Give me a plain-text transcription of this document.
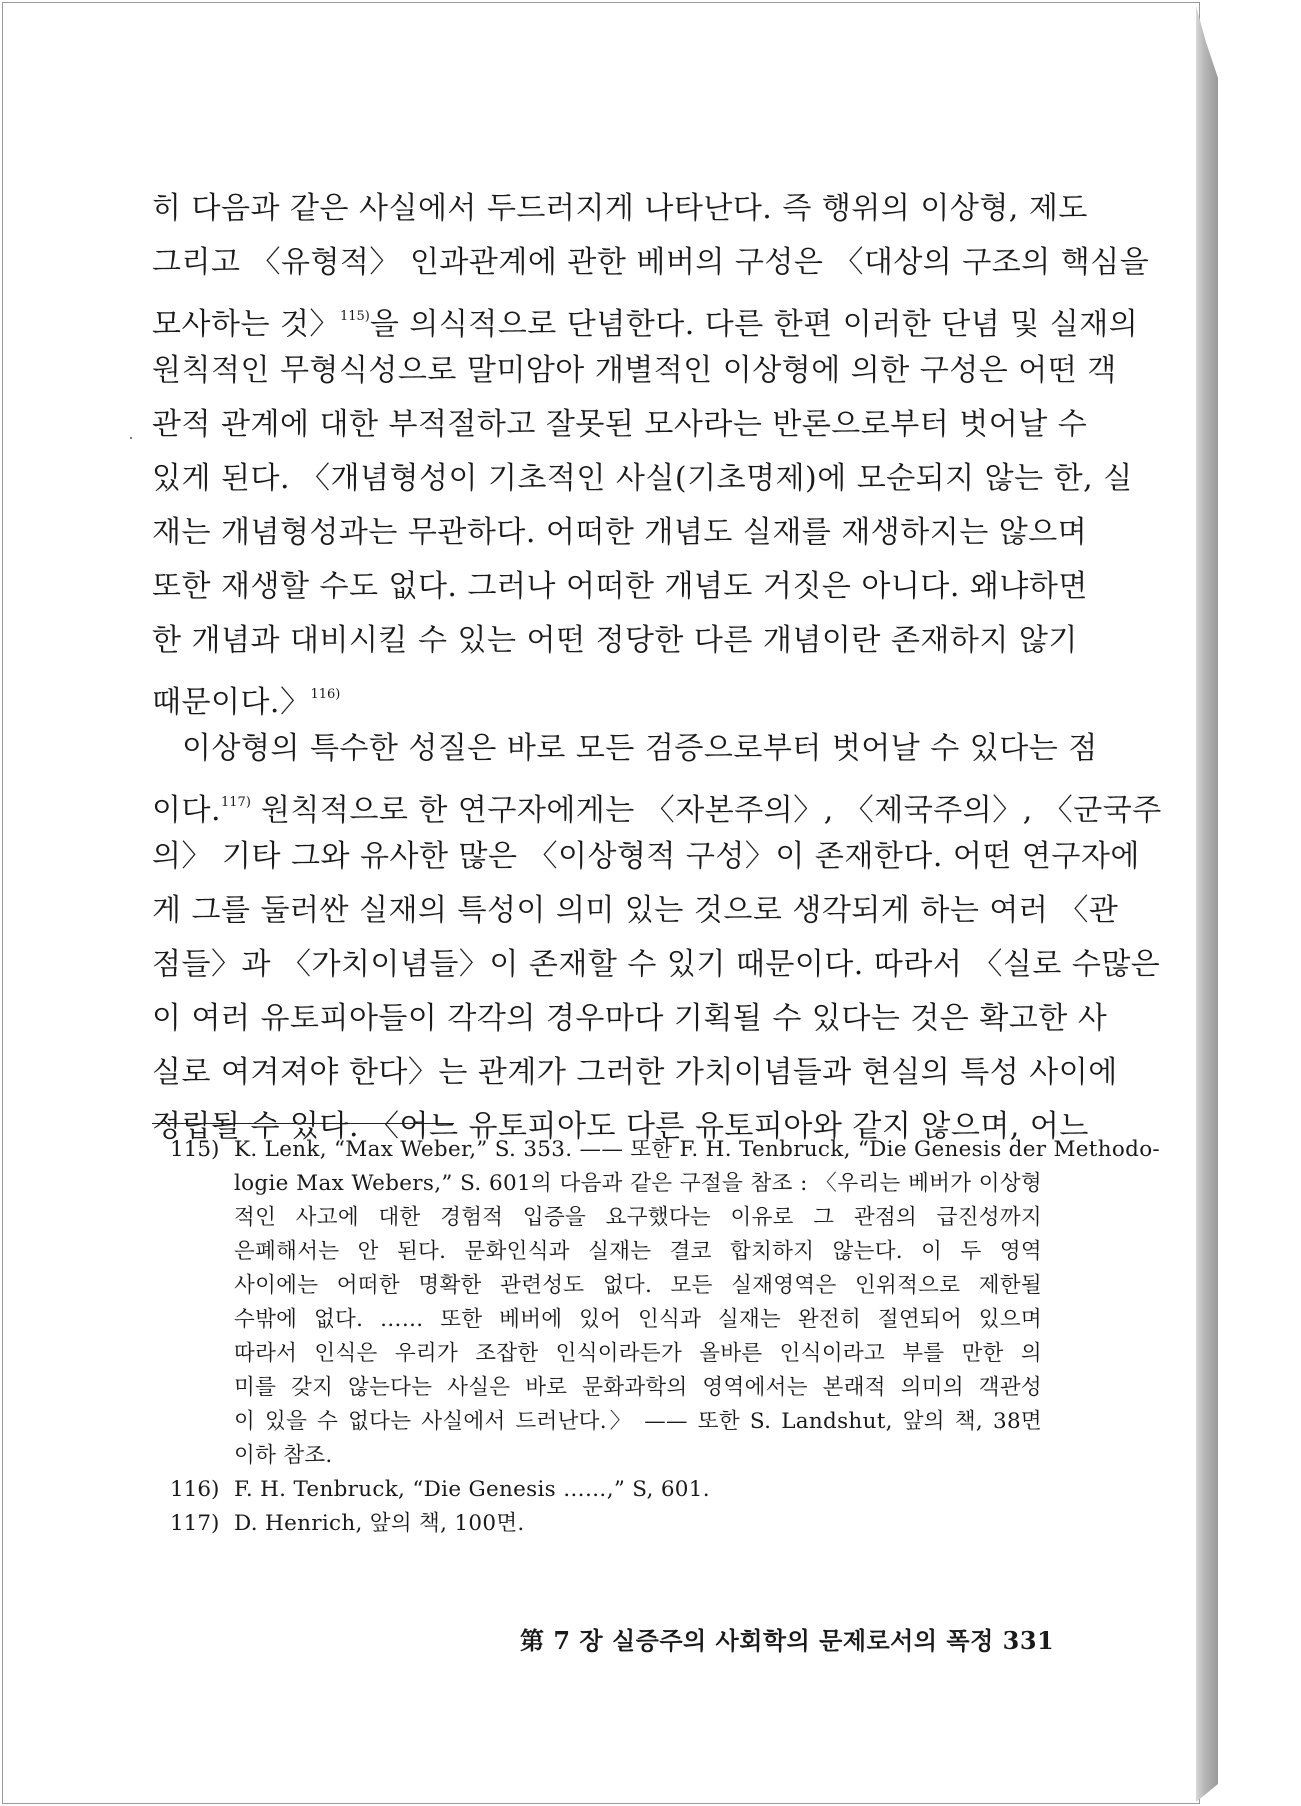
히 다음과 같은 사실에서 두드러지게 나타난다. 즉 행위의 이상형, 제도
그리고 〈유형적〉 인과관계에 관한 베버의 구성은 〈대상의 구조의 핵심을
모사하는 것〉$^{115)}$을 의식적으로 단념한다. 다른 한편 이러한 단념 및 실재의
원칙적인 무형식성으로 말미암아 개별적인 이상형에 의한 구성은 어떤 객
관적 관계에 대한 부적절하고 잘못된 모사라는 반론으로부터 벗어날 수
있게 된다. 〈개념형성이 기초적인 사실(기초명제)에 모순되지 않는 한, 실
재는 개념형성과는 무관하다. 어떠한 개념도 실재를 재생하지는 않으며
또한 재생할 수도 없다. 그러나 어떠한 개념도 거짓은 아니다. 왜냐하면
한 개념과 대비시킬 수 있는 어떤 정당한 다른 개념이란 존재하지 않기
때문이다.〉$^{116)}$
이상형의 특수한 성질은 바로 모든 검증으로부터 벗어날 수 있다는 점
이다.$^{117)}$ 원칙적으로 한 연구자에게는 〈자본주의〉, 〈제국주의〉, 〈군국주
의〉 기타 그와 유사한 많은 〈이상형적 구성〉이 존재한다. 어떤 연구자에
게 그를 둘러싼 실재의 특성이 의미 있는 것으로 생각되게 하는 여러 〈관
점들〉과 〈가치이념들〉이 존재할 수 있기 때문이다. 따라서 〈실로 수많은
이 여러 유토피아들이 각각의 경우마다 기획될 수 있다는 것은 확고한 사
실로 여겨져야 한다〉는 관계가 그러한 가치이념들과 현실의 특성 사이에
정립될 수 있다. 〈어느 유토피아도 다른 유토피아와 같지 않으며, 어느
115) K. Lenk, “Max Weber,” S. 353. —— 또한 F. H. Tenbruck, “Die Genesis der Methodo-
logie Max Webers,” S. 601의 다음과 같은 구절을 참조 : 〈우리는 베버가 이상형
적인 사고에 대한 경험적 입증을 요구했다는 이유로 그 관점의 급진성까지
은폐해서는 안 된다. 문화인식과 실재는 결코 합치하지 않는다. 이 두 영역
사이에는 어떠한 명확한 관련성도 없다. 모든 실재영역은 인위적으로 제한될
수밖에 없다. …… 또한 베버에 있어 인식과 실재는 완전히 절연되어 있으며
따라서 인식은 우리가 조잡한 인식이라든가 올바른 인식이라고 부를 만한 의
미를 갖지 않는다는 사실은 바로 문화과학의 영역에서는 본래적 의미의 객관성
이 있을 수 없다는 사실에서 드러난다.〉 —— 또한 S. Landshut, 앞의 책, 38면
이하 참조.
116) F. H. Tenbruck, “Die Genesis ……,” S, 601.
117) D. Henrich, 앞의 책, 100면.
第 7 장 실증주의 사회학의 문제로서의 폭정 331
